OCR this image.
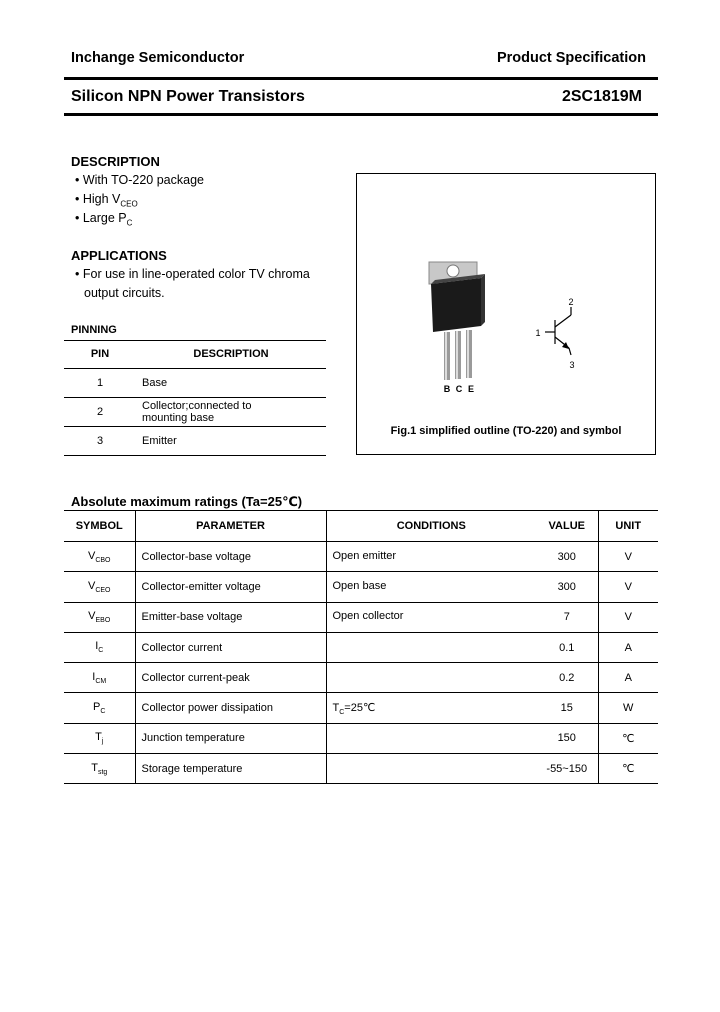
Inchange Semiconductor	Product Specification
Silicon NPN Power Transistors	2SC1819M
DESCRIPTION
• With TO-220 package
• High $V_{CEO}$
• Large $P_C$
APPLICATIONS
• For use in line-operated color TV chroma
output circuits.
PINNING
PIN	DESCRIPTION
1	Base
2	Collector;connected to
mounting base
3	Emitter
B C E
1
2
3
Fig.1 simplified outline (TO-220) and symbol
Absolute maximum ratings (Ta=25℃)
SYMBOL	PARAMETER	CONDITIONS	VALUE	UNIT
$V_{CBO}$	Collector-base voltage	Open emitter	300	V
$V_{CEO}$	Collector-emitter voltage	Open base	300	V
$V_{EBO}$	Emitter-base voltage	Open collector	7	V
$I_C$	Collector current		0.1	A
$I_{CM}$	Collector current-peak		0.2	A
$P_C$	Collector power dissipation	$T_C=25℃$	15	W
$T_j$	Junction temperature		150	℃
$T_{stg}$	Storage temperature		-55~150	℃
